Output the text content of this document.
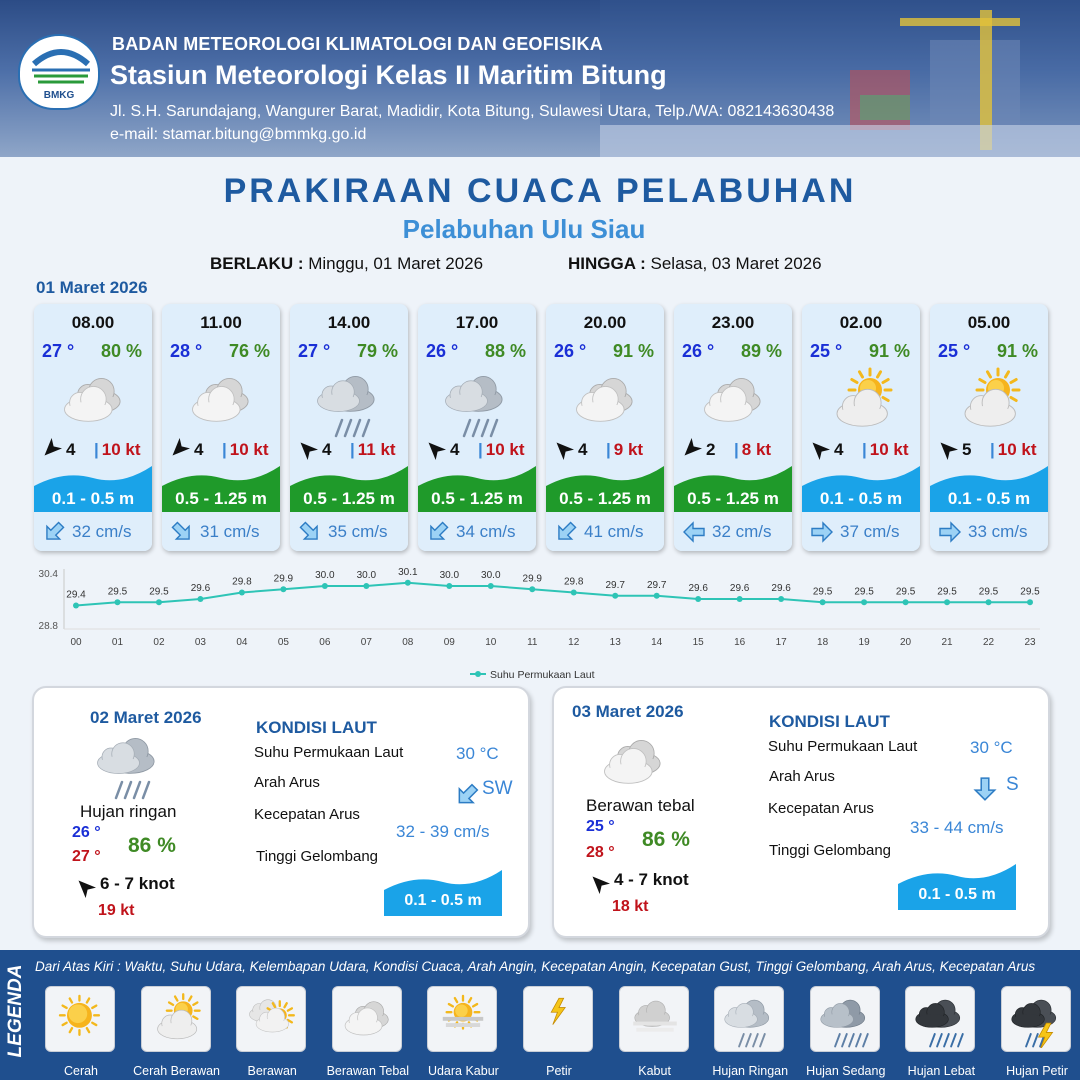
BMKG
BADAN METEOROLOGI KLIMATOLOGI DAN GEOFISIKA
Stasiun Meteorologi Kelas II Maritim Bitung
Jl. S.H. Sarundajang, Wangurer Barat, Madidir, Kota Bitung, Sulawesi Utara, Telp./WA: 082143630438
e-mail: stamar.bitung@bmmkg.go.id
PRAKIRAAN CUACA PELABUHAN
Pelabuhan Ulu Siau
BERLAKU : Minggu, 01 Maret 2026	HINGGA : Selasa, 03 Maret 2026
01 Maret 2026
08.00
27 ° 80 %
4 | 10 kt
0.1 - 0.5 m
32 cm/s
11.00
28 ° 76 %
4 | 10 kt
0.5 - 1.25 m
31 cm/s
14.00
27 ° 79 %
4 | 11 kt
0.5 - 1.25 m
35 cm/s
17.00
26 ° 88 %
4 | 10 kt
0.5 - 1.25 m
34 cm/s
20.00
26 ° 91 %
4 | 9 kt
0.5 - 1.25 m
41 cm/s
23.00
26 ° 89 %
2 | 8 kt
0.5 - 1.25 m
32 cm/s
02.00
25 ° 91 %
4 | 10 kt
0.1 - 0.5 m
37 cm/s
05.00
25 ° 91 %
5 | 10 kt
0.1 - 0.5 m
33 cm/s
30.4
28.8
29.4
00
29.5
01
29.5
02
29.6
03
29.8
04
29.9
05
30.0
06
30.0
07
30.1
08
30.0
09
30.0
10
29.9
11
29.8
12
29.7
13
29.7
14
29.6
15
29.6
16
29.6
17
29.5
18
29.5
19
29.5
20
29.5
21
29.5
22
29.5
23
Suhu Permukaan Laut
02 Maret 2026
Hujan ringan
26 °
27 ° 86 %
6 - 7 knot
19 kt
KONDISI LAUT
Suhu Permukaan Laut	30 °C
Arah Arus	SW
Kecepatan Arus
32 - 39 cm/s
Tinggi Gelombang
0.1 - 0.5 m
03 Maret 2026
Berawan tebal
25 °
28 °
86 %
4 - 7 knot
18 kt
KONDISI LAUT
Suhu Permukaan Laut	30 °C
Arah Arus	S
Kecepatan Arus
33 - 44 cm/s
Tinggi Gelombang
0.1 - 0.5 m
LEGENDA Dari Atas Kiri : Waktu, Suhu Udara, Kelembapan Udara, Kondisi Cuaca, Arah Angin, Kecepatan Angin, Kecepatan Gust, Tinggi Gelombang, Arah Arus, Kecepatan Arus
Cerah	Cerah Berawan	Berawan	Berawan Tebal	Udara Kabur	Petir	Kabut	Hujan Ringan	Hujan Sedang	Hujan Lebat	Hujan Petir
